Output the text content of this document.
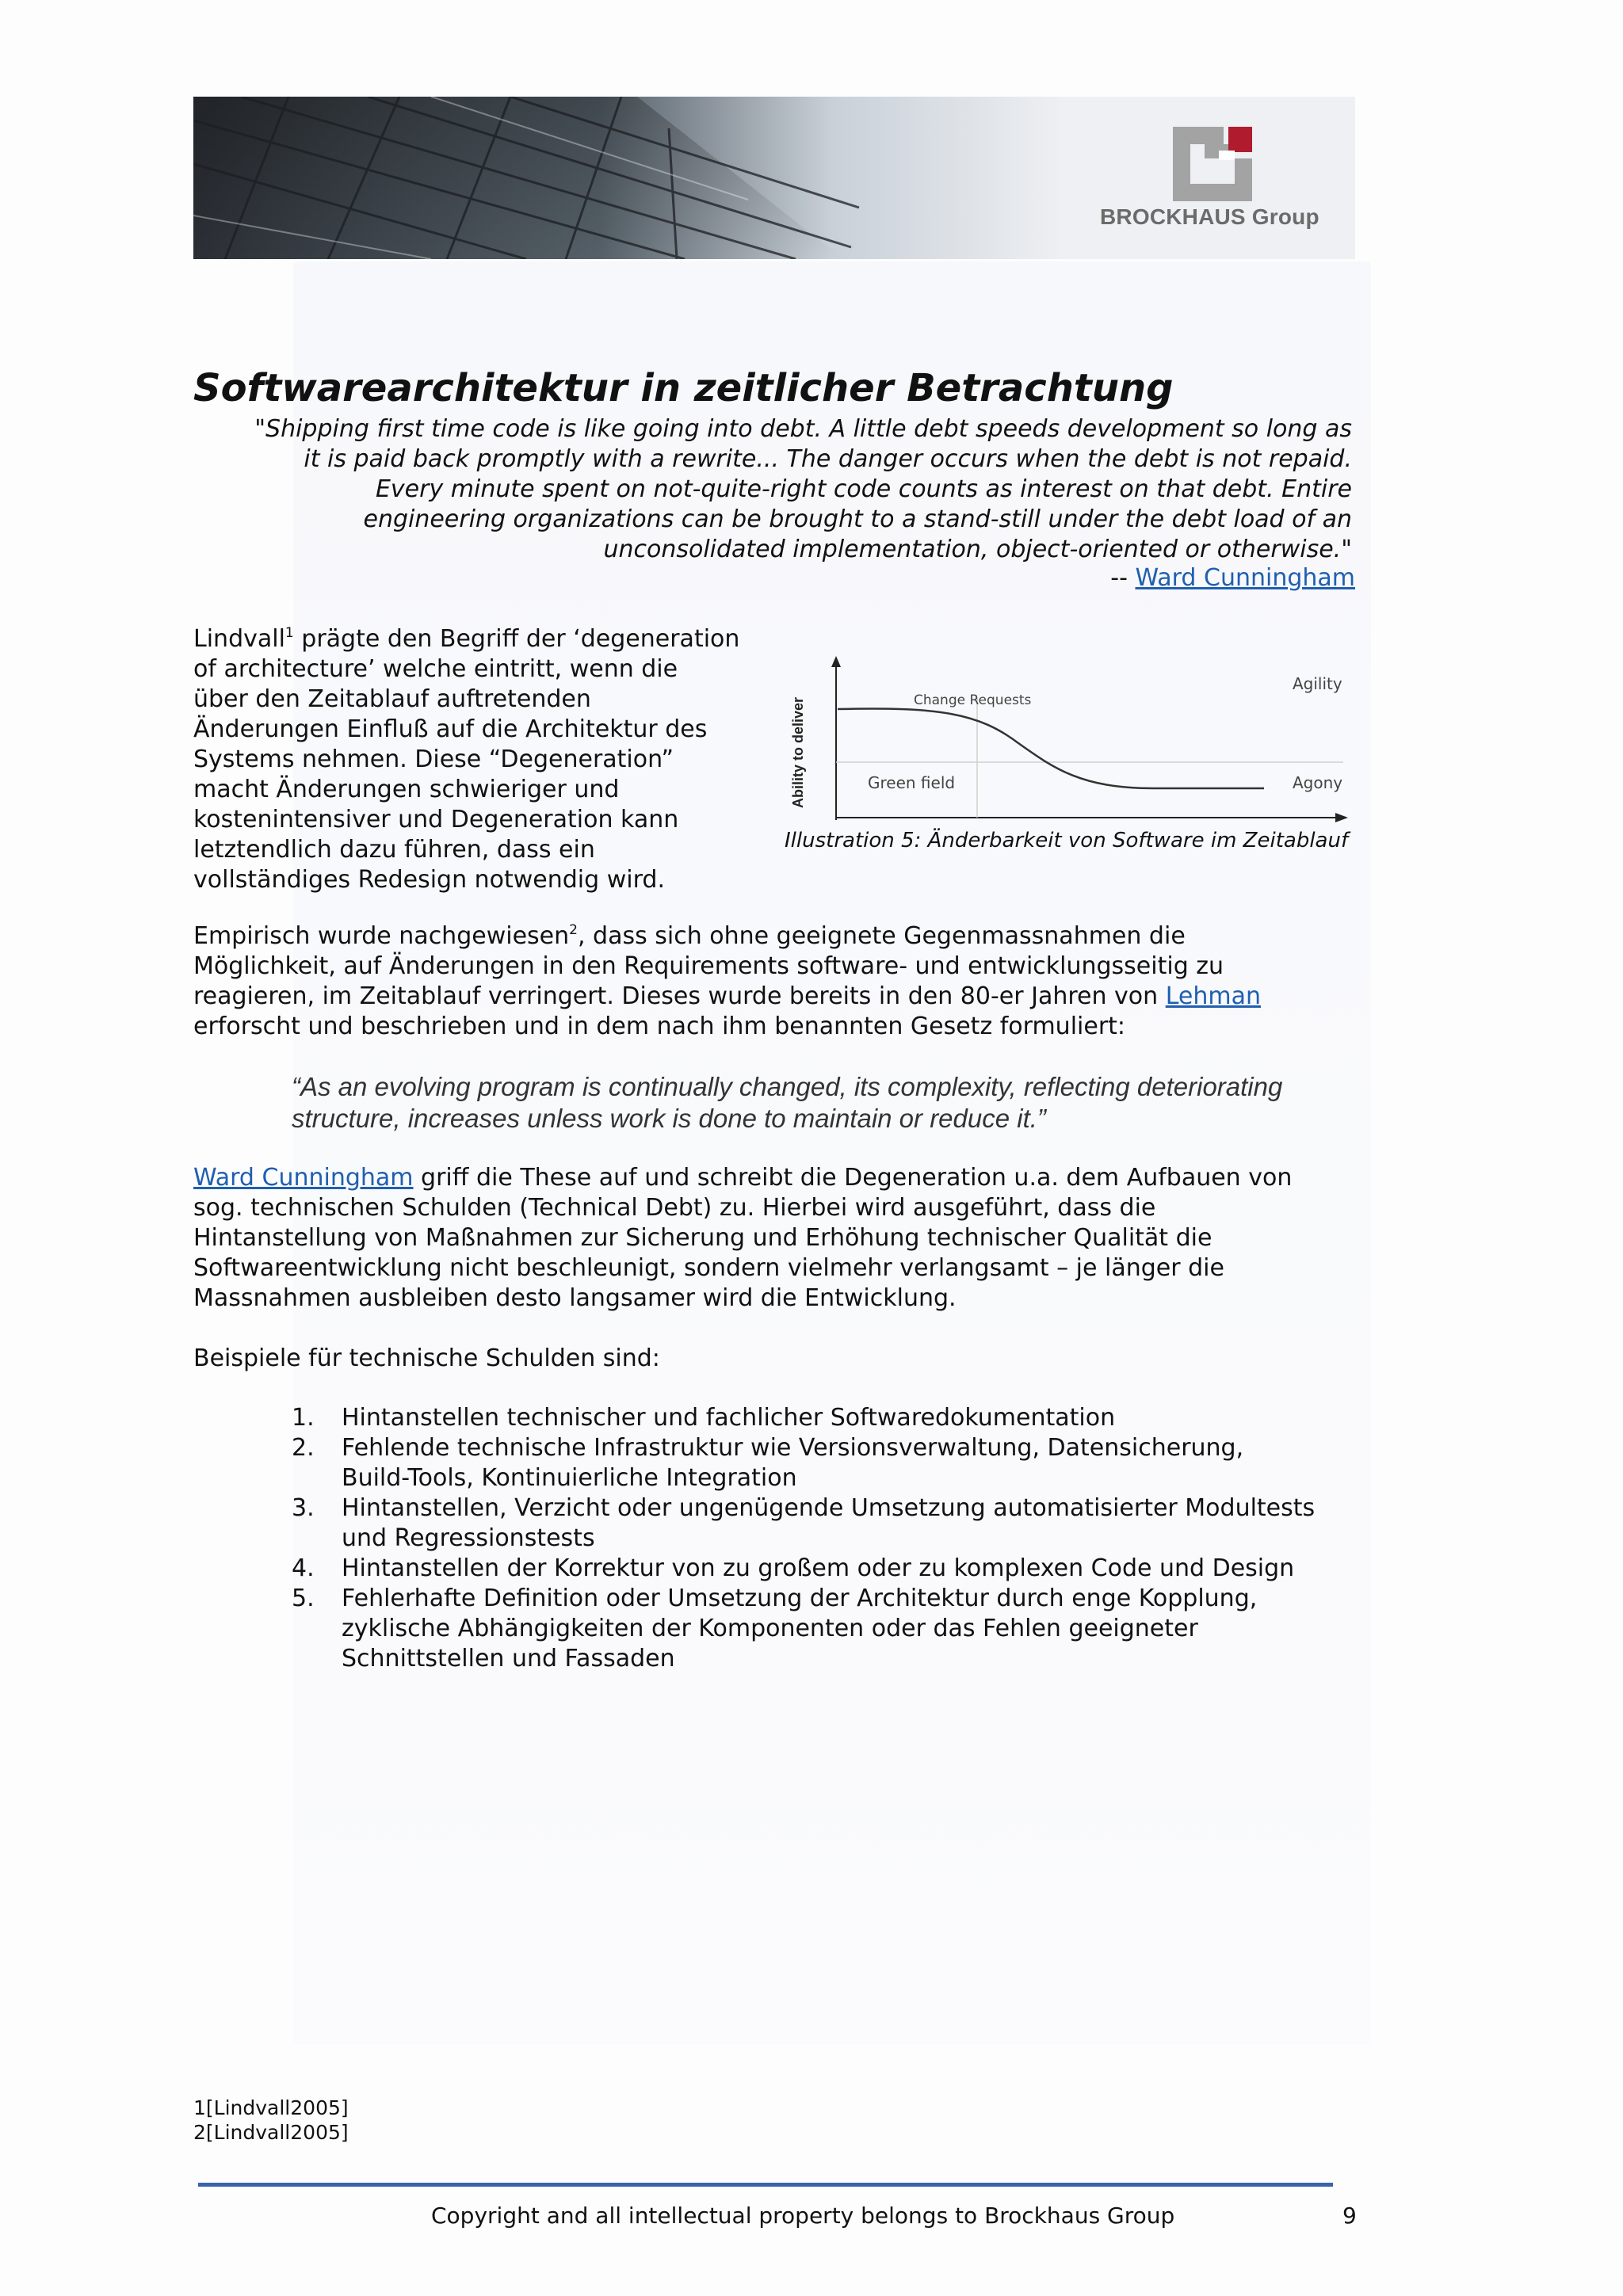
BROCKHAUS Group
Softwarearchitektur in zeitlicher Betrachtung
"Shipping first time code is like going into debt. A little debt speeds development so long as
it is paid back promptly with a rewrite... The danger occurs when the debt is not repaid.
Every minute spent on not-quite-right code counts as interest on that debt. Entire
engineering organizations can be brought to a stand-still under the debt load of an
unconsolidated implementation, object-oriented or otherwise."
-- Ward Cunningham
Lindvall$^1$ prägte den Begriff der ‘degeneration
of architecture’ welche eintritt, wenn die
über den Zeitablauf auftretenden
Änderungen Einfluß auf die Architektur des
Systems nehmen. Diese “Degeneration”
macht Änderungen schwieriger und
kostenintensiver und Degeneration kann
letztendlich dazu führen, dass ein
vollständiges Redesign notwendig wird.
Ability to deliver	Change Requests
Agility
Green field	Agony
Illustration 5: Änderbarkeit von Software im Zeitablauf
Empirisch wurde nachgewiesen$^2$, dass sich ohne geeignete Gegenmassnahmen die
Möglichkeit, auf Änderungen in den Requirements software- und entwicklungsseitig zu
reagieren, im Zeitablauf verringert. Dieses wurde bereits in den 80-er Jahren von Lehman
erforscht und beschrieben und in dem nach ihm benannten Gesetz formuliert:
“As an evolving program is continually changed, its complexity, reflecting deteriorating
structure, increases unless work is done to maintain or reduce it.”
Ward Cunningham griff die These auf und schreibt die Degeneration u.a. dem Aufbauen von
sog. technischen Schulden (Technical Debt) zu. Hierbei wird ausgeführt, dass die
Hintanstellung von Maßnahmen zur Sicherung und Erhöhung technischer Qualität die
Softwareentwicklung nicht beschleunigt, sondern vielmehr verlangsamt – je länger die
Massnahmen ausbleiben desto langsamer wird die Entwicklung.
Beispiele für technische Schulden sind:
1. Hintanstellen technischer und fachlicher Softwaredokumentation
2. Fehlende technische Infrastruktur wie Versionsverwaltung, Datensicherung,
Build-Tools, Kontinuierliche Integration
3. Hintanstellen, Verzicht oder ungenügende Umsetzung automatisierter Modultests
und Regressionstests
4. Hintanstellen der Korrektur von zu großem oder zu komplexen Code und Design
5. Fehlerhafte Definition oder Umsetzung der Architektur durch enge Kopplung,
zyklische Abhängigkeiten der Komponenten oder das Fehlen geeigneter
Schnittstellen und Fassaden
1[Lindvall2005]
2[Lindvall2005]
Copyright and all intellectual property belongs to Brockhaus Group	9
